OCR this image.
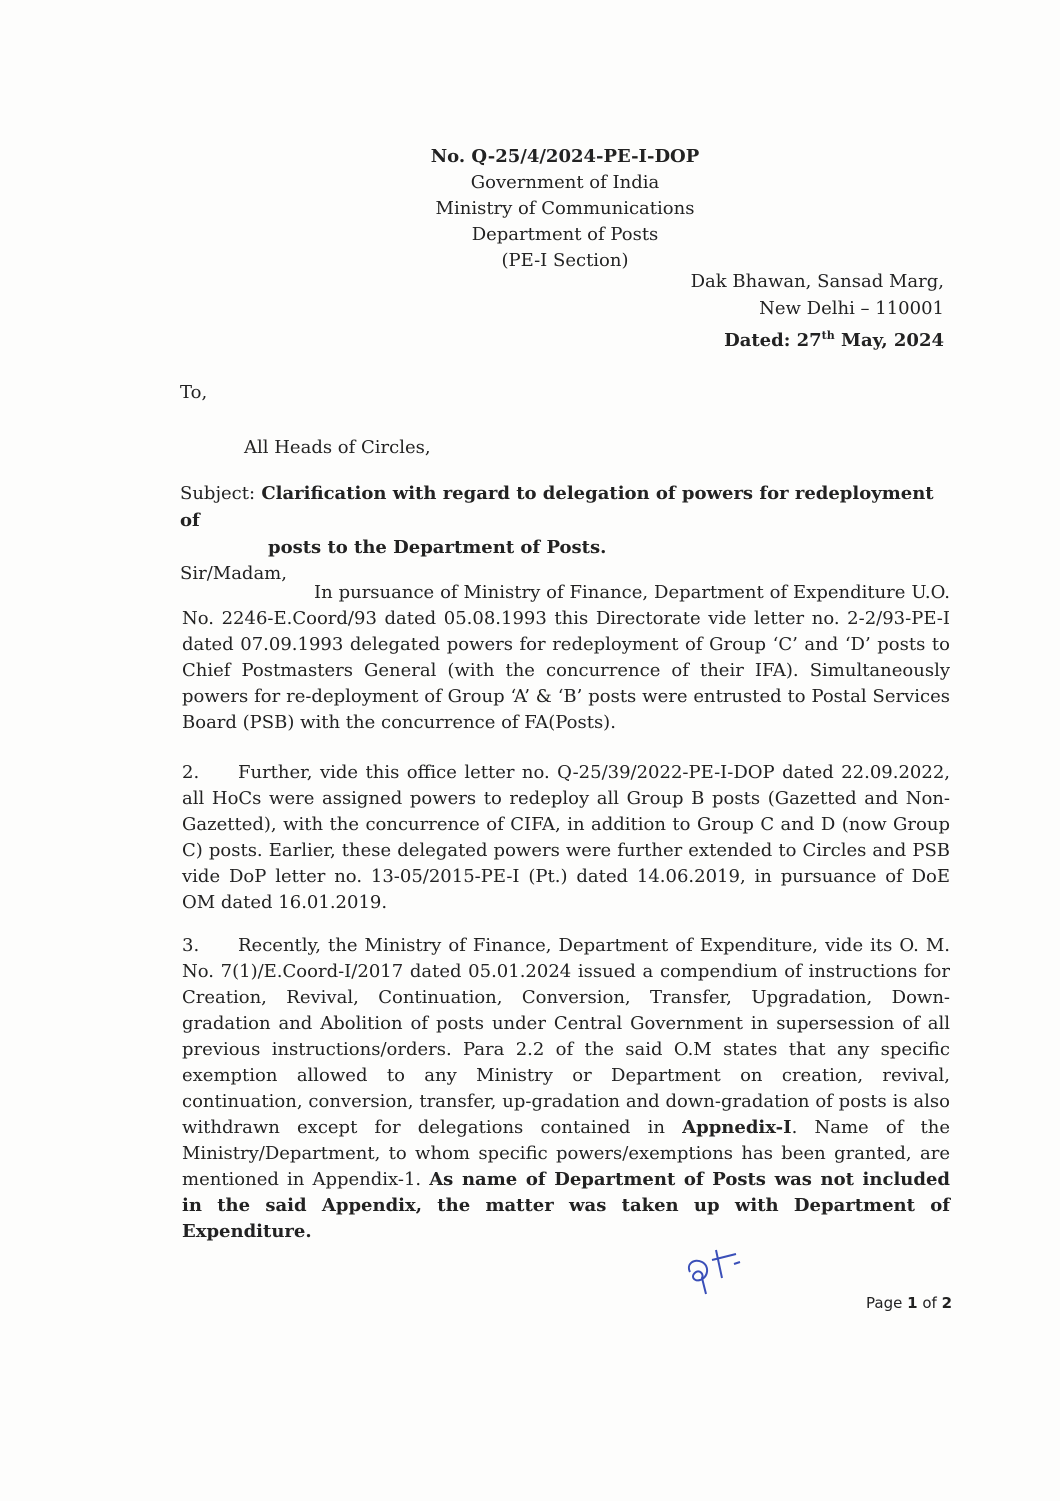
No. Q-25/4/2024-PE-I-DOP
Government of India
Ministry of Communications
Department of Posts
(PE-I Section)
Dak Bhawan, Sansad Marg,
New Delhi – 110001
Dated: 27th May, 2024
To,
All Heads of Circles,
Subject: Clarification with regard to delegation of powers for redeployment of
posts to the Department of Posts.
Sir/Madam,
In pursuance of Ministry of Finance, Department of Expenditure U.O. No. 2246-E.Coord/93 dated 05.08.1993 this Directorate vide letter no. 2-2/93-PE-I dated 07.09.1993 delegated powers for redeployment of Group ‘C’ and ‘D’ posts to Chief Postmasters General (with the concurrence of their IFA). Simultaneously powers for re-deployment of Group ‘A’ & ‘B’ posts were entrusted to Postal Services Board (PSB) with the concurrence of FA(Posts).
2. Further, vide this office letter no. Q-25/39/2022-PE-I-DOP dated 22.09.2022, all HoCs were assigned powers to redeploy all Group B posts (Gazetted and Non-Gazetted), with the concurrence of CIFA, in addition to Group C and D (now Group C) posts. Earlier, these delegated powers were further extended to Circles and PSB vide DoP letter no. 13-05/2015-PE-I (Pt.) dated 14.06.2019, in pursuance of DoE OM dated 16.01.2019.
3. Recently, the Ministry of Finance, Department of Expenditure, vide its O. M. No. 7(1)/E.Coord-I/2017 dated 05.01.2024 issued a compendium of instructions for Creation, Revival, Continuation, Conversion, Transfer, Upgradation, Down-gradation and Abolition of posts under Central Government in supersession of all previous instructions/orders. Para 2.2 of the said O.M states that any specific exemption allowed to any Ministry or Department on creation, revival, continuation, conversion, transfer, up-gradation and down-gradation of posts is also withdrawn except for delegations contained in Appnedix-I. Name of the Ministry/Department, to whom specific powers/exemptions has been granted, are mentioned in Appendix-1. As name of Department of Posts was not included in the said Appendix, the matter was taken up with Department of Expenditure.
Page 1 of 2
